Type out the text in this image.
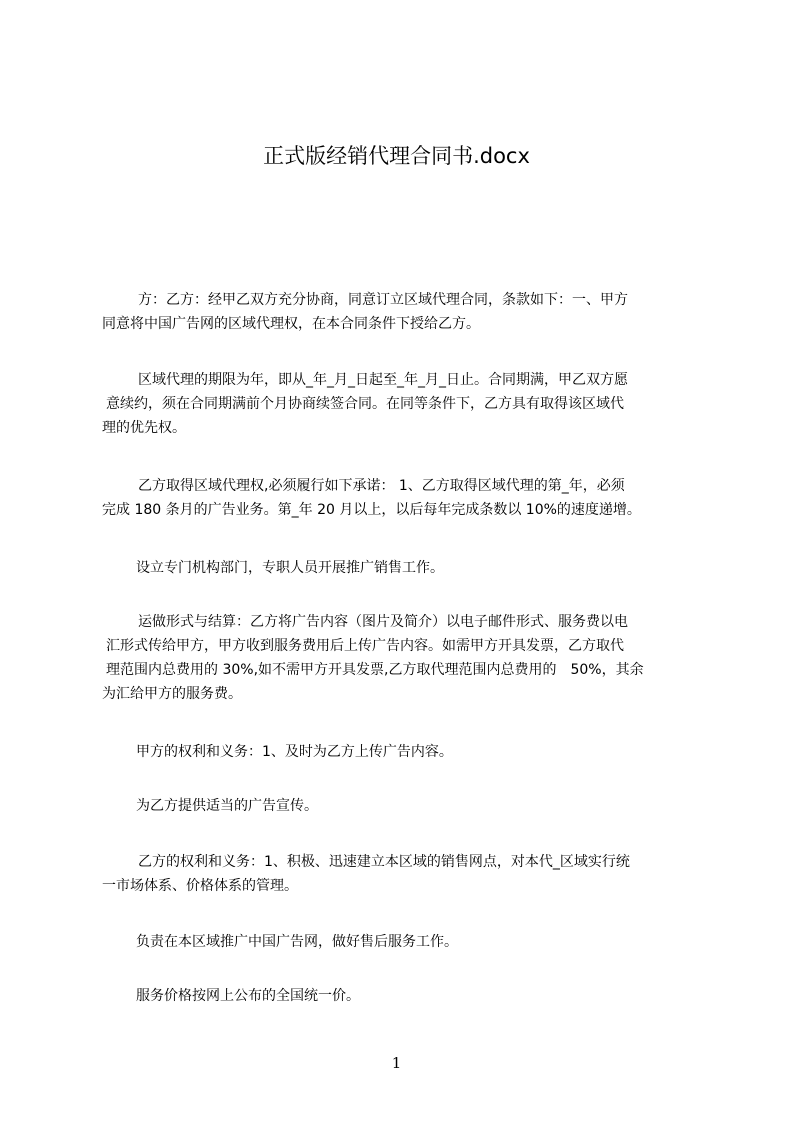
正式版经销代理合同书.docx
方：乙方：经甲乙双方充分协商，同意订立区域代理合同，条款如下：一、甲方
同意将中国广告网的区域代理权，在本合同条件下授给乙方。
区域代理的期限为年，即从_年_月_日起至_年_月_日止。合同期满，甲乙双方愿
意续约，须在合同期满前个月协商续签合同。在同等条件下，乙方具有取得该区域代
理的优先权。
乙方取得区域代理权,必须履行如下承诺： 1、乙方取得区域代理的第_年，必须
完成 180 条月的广告业务。第_年 20 月以上，以后每年完成条数以 10%的速度递增。
设立专门机构部门，专职人员开展推广销售工作。
运做形式与结算：乙方将广告内容（图片及简介）以电子邮件形式、服务费以电
汇形式传给甲方，甲方收到服务费用后上传广告内容。如需甲方开具发票，乙方取代
理范围内总费用的 30%,如不需甲方开具发票,乙方取代理范围内总费用的　50%，其余
为汇给甲方的服务费。
甲方的权利和义务：1、及时为乙方上传广告内容。
为乙方提供适当的广告宣传。
乙方的权利和义务：1、积极、迅速建立本区域的销售网点，对本代_区域实行统
一市场体系、价格体系的管理。
负责在本区域推广中国广告网，做好售后服务工作。
服务价格按网上公布的全国统一价。
1
